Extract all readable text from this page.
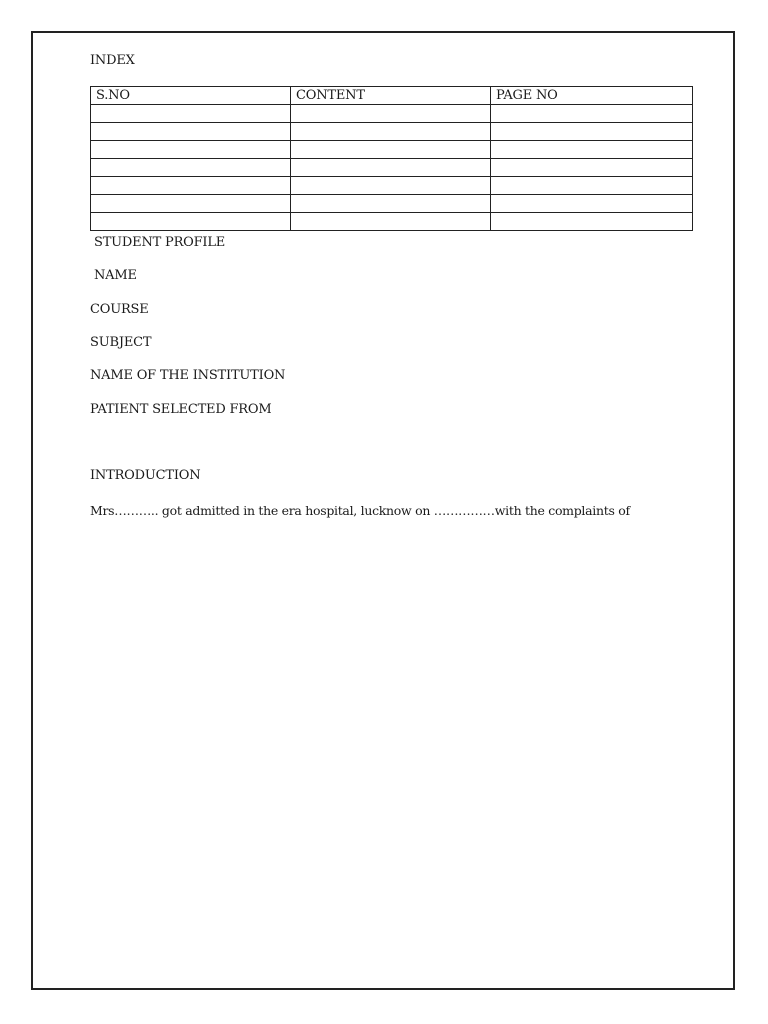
INDEX
S.NO	CONTENT	PAGE NO

STUDENT PROFILE
NAME
COURSE
SUBJECT
NAME OF THE INSTITUTION
PATIENT SELECTED FROM
INTRODUCTION
Mrs……….. got admitted in the era hospital, lucknow on ……………with the complaints of
